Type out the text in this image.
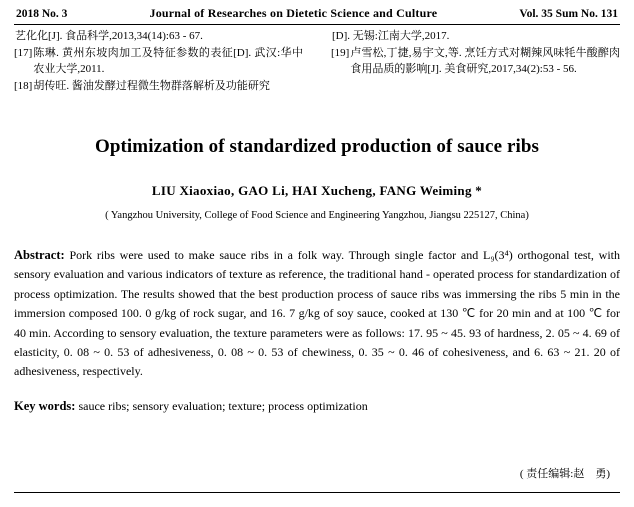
2018 No. 3	Journal of Researches on Dietetic Science and Culture	Vol. 35 Sum No. 131
艺化化[J]. 食品科学,2013,34(14):63 - 67.
[17] 陈琳. 黄州东坡肉加工及特征参数的表征[D]. 武汉:华中农业大学,2011.
[18] 胡传旺. 酱油发酵过程微生物群落解析及功能研究
[D]. 无锡:江南大学,2017.
[19] 卢雪松,丁捷,易宇文,等. 烹饪方式对糊辣风味牦牛酸醡肉食用品质的影响[J]. 美食研究,2017,34(2):53 - 56.
Optimization of standardized production of sauce ribs
LIU Xiaoxiao, GAO Li, HAI Xucheng, FANG Weiming *
( Yangzhou University, College of Food Science and Engineering Yangzhou, Jiangsu 225127, China)
Abstract: Pork ribs were used to make sauce ribs in a folk way. Through single factor and L₉(3⁴) orthogonal test, with sensory evaluation and various indicators of texture as reference, the traditional hand - operated process for standardization of process optimization. The results showed that the best production process of sauce ribs was immersing the ribs 5 min in the immersion composed 100. 0 g/kg of rock sugar, and 16. 7 g/kg of soy sauce, cooked at 130 ℃ for 20 min and at 100 ℃ for 40 min. According to sensory evaluation, the texture parameters were as follows: 17. 95 ~ 45. 93 of hardness, 2. 05 ~ 4. 69 of elasticity, 0. 08 ~ 0. 53 of adhesiveness, 0. 08 ~ 0. 53 of chewiness, 0. 35 ~ 0. 46 of cohesiveness, and 6. 63 ~ 21. 20 of adhesiveness, respectively.
Key words: sauce ribs; sensory evaluation; texture; process optimization
( 责任编辑:赵　勇)
